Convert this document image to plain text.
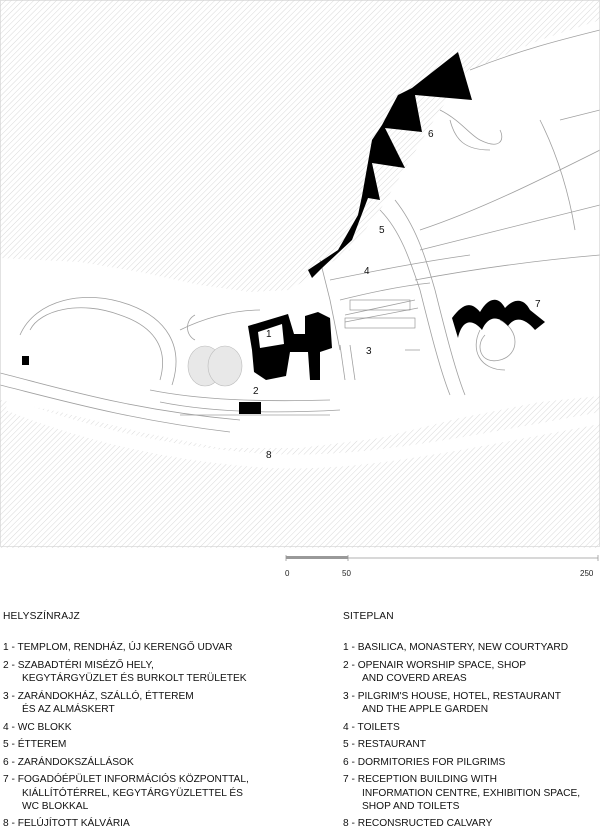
1
2
3
4
5
6
7
8
0	50	250
HELYSZÍNRAJZ
1 - TEMPLOM, RENDHÁZ, ÚJ KERENGŐ UDVAR
2 - SZABADTÉRI MISÉZŐ HELY,
KEGYTÁRGYÜZLET ÉS BURKOLT TERÜLETEK
3 - ZARÁNDOKHÁZ, SZÁLLÓ, ÉTTEREM
ÉS AZ ALMÁSKERT
4 - WC BLOKK
5 - ÉTTEREM
6 - ZARÁNDOKSZÁLLÁSOK
7 - FOGADÓÉPÜLET INFORMÁCIÓS KÖZPONTTAL,
KIÁLLÍTÓTÉRREL, KEGYTÁRGYÜZLETTEL ÉS
WC BLOKKAL
8 - FELÚJÍTOTT KÁLVÁRIA
SITEPLAN
1 - BASILICA, MONASTERY, NEW COURTYARD
2 - OPENAIR WORSHIP SPACE, SHOP
AND COVERD AREAS
3 - PILGRIM'S HOUSE, HOTEL, RESTAURANT
AND THE APPLE GARDEN
4 - TOILETS
5 - RESTAURANT
6 - DORMITORIES FOR PILGRIMS
7 - RECEPTION BUILDING WITH
INFORMATION CENTRE, EXHIBITION SPACE,
SHOP AND TOILETS
8 - RECONSRUCTED CALVARY
